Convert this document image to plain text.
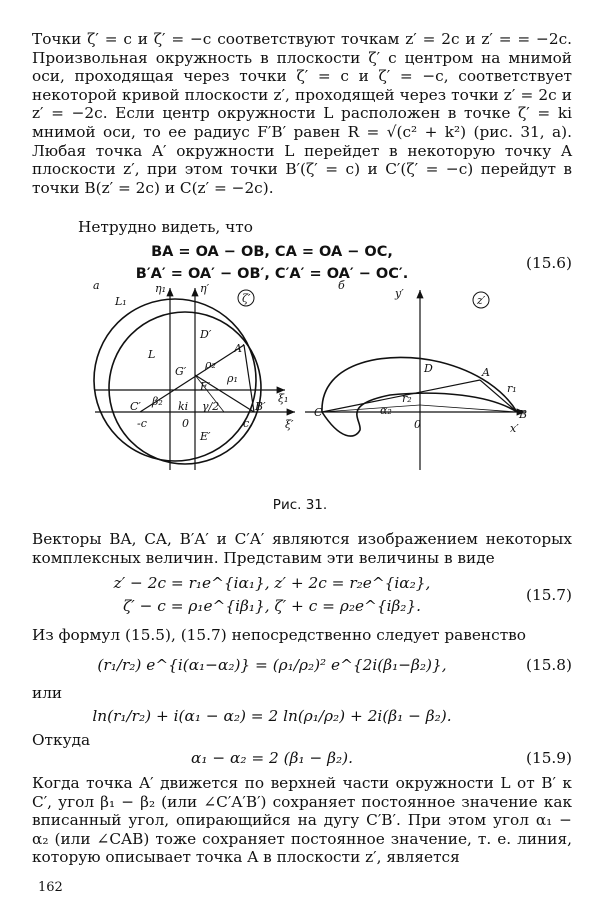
Точки ζ′ = c и ζ′ = −c соответствуют точкам z′ = 2c и z′ = = −2c. Произвольная окружность в плоскости ζ′ с центром на мнимой оси, проходящая через точки ζ′ = c и ζ′ = −c, соответствует некоторой кривой плоскости z′, проходящей через точки z′ = 2c и z′ = −2c. Если центр окружности L расположен в точке ζ′ = ki мнимой оси, то ее радиус F′B′ равен R = √(c² + k²) (рис. 31, а). Любая точка A′ окружности L перейдет в некоторую точку A плоскости z′, при этом точки B′(ζ′ = c) и C′(ζ′ = −c) перейдут в точки B(z′ = 2c) и C(z′ = −2c).

Нетрудно видеть, что

BA = OA − OB, CA = OA − OC,
B′A′ = OA′ − OB′, C′A′ = OA′ − OC′.
(15.6)
а	η₁	η′
ζ′
L₁
L
D′
A′
G′
F′
ρ₂
ρ₁
β₂ ki γ/2
C′	B′
ξ₁
ξ′
-c	0	c
E′
б
y′
z′
D	A
r₁
r₂
α₂
C	B
0	x′
Рис. 31.

Векторы BA, CA, B′A′ и C′A′ являются изображением некоторых комплексных величин. Представим эти величины в виде

z′ − 2c = r₁e^{iα₁}, z′ + 2c = r₂e^{iα₂},
ζ′ − c = ρ₁e^{iβ₁}, ζ′ + c = ρ₂e^{iβ₂}.
(15.7)

Из формул (15.5), (15.7) непосредственно следует равенство

(r₁/r₂) e^{i(α₁−α₂)} = (ρ₁/ρ₂)² e^{2i(β₁−β₂)},	(15.8)

или

ln(r₁/r₂) + i(α₁ − α₂) = 2 ln(ρ₁/ρ₂) + 2i(β₁ − β₂).

Откуда

α₁ − α₂ = 2 (β₁ − β₂).	(15.9)

Когда точка A′ движется по верхней части окружности L от B′ к C′, угол β₁ − β₂ (или ∠C′A′B′) сохраняет постоянное значение как вписанный угол, опирающийся на дугу C′B′. При этом угол α₁ − α₂ (или ∠CAB) тоже сохраняет постоянное значение, т. е. линия, которую описывает точка A в плоскости z′, является

162
